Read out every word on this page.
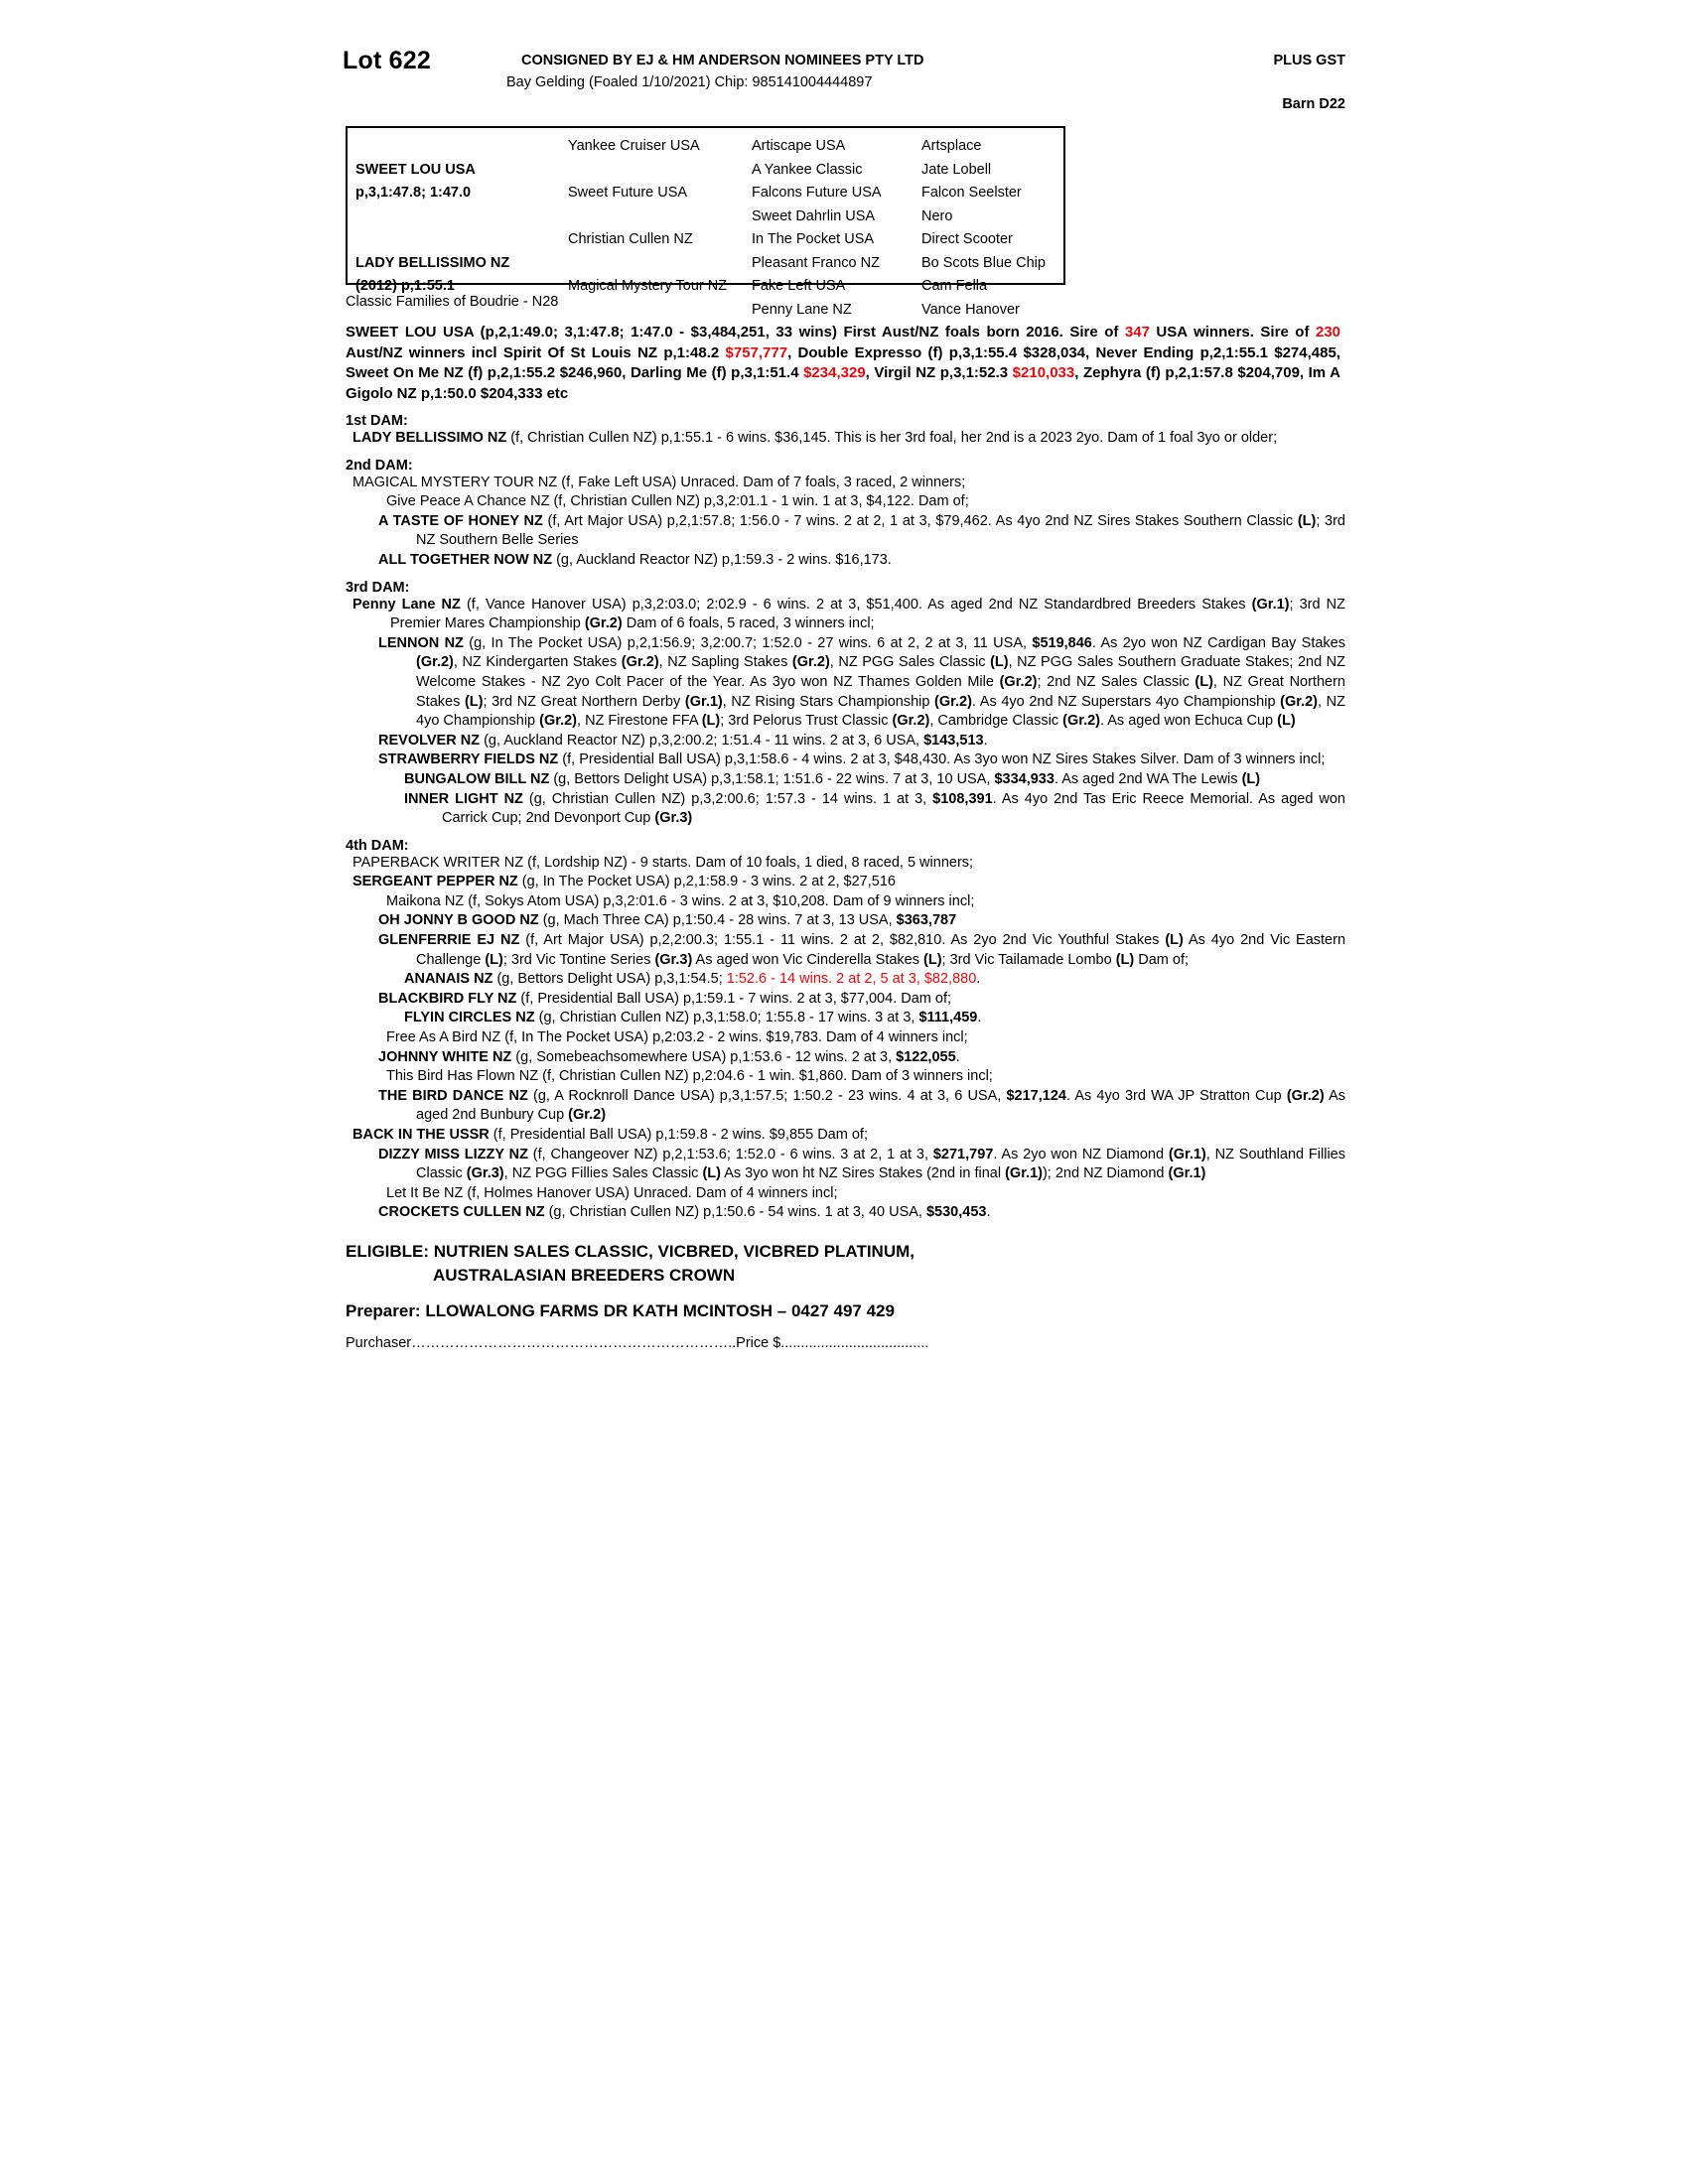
Lot 622	CONSIGNED BY EJ & HM ANDERSON NOMINEES PTY LTD	PLUS GST
Bay Gelding (Foaled 1/10/2021) Chip: 985141004444897
Barn D22
SWEET LOU USA
p,3,1:47.8; 1:47.0
LADY BELLISSIMO NZ
(2012) p,1:55.1
Yankee Cruiser USA
Sweet Future USA
Christian Cullen NZ
Magical Mystery Tour NZ
Artiscape USA
A Yankee Classic
Falcons Future USA
Sweet Dahrlin USA
In The Pocket USA
Pleasant Franco NZ
Fake Left USA
Penny Lane NZ
Artsplace
Jate Lobell
Falcon Seelster
Nero
Direct Scooter
Bo Scots Blue Chip
Cam Fella
Vance Hanover
Classic Families of Boudrie - N28
SWEET LOU USA (p,2,1:49.0; 3,1:47.8; 1:47.0 - $3,484,251, 33 wins) First Aust/NZ foals born 2016. Sire of 347 USA winners. Sire of 230 Aust/NZ winners incl Spirit Of St Louis NZ p,1:48.2 $757,777, Double Expresso (f) p,3,1:55.4 $328,034, Never Ending p,2,1:55.1 $274,485, Sweet On Me NZ (f) p,2,1:55.2 $246,960, Darling Me (f) p,3,1:51.4 $234,329, Virgil NZ p,3,1:52.3 $210,033, Zephyra (f) p,2,1:57.8 $204,709, Im A Gigolo NZ p,1:50.0 $204,333 etc
1st DAM:
LADY BELLISSIMO NZ (f, Christian Cullen NZ) p,1:55.1 - 6 wins. $36,145. This is her 3rd foal, her 2nd is a 2023 2yo. Dam of 1 foal 3yo or older;
2nd DAM:
MAGICAL MYSTERY TOUR NZ (f, Fake Left USA) Unraced. Dam of 7 foals, 3 raced, 2 winners;
Give Peace A Chance NZ (f, Christian Cullen NZ) p,3,2:01.1 - 1 win. 1 at 3, $4,122. Dam of;
A TASTE OF HONEY NZ (f, Art Major USA) p,2,1:57.8; 1:56.0 - 7 wins. 2 at 2, 1 at 3, $79,462. As 4yo 2nd NZ Sires Stakes Southern Classic (L); 3rd NZ Southern Belle Series
ALL TOGETHER NOW NZ (g, Auckland Reactor NZ) p,1:59.3 - 2 wins. $16,173.
3rd DAM:
Penny Lane NZ (f, Vance Hanover USA) p,3,2:03.0; 2:02.9 - 6 wins. 2 at 3, $51,400. As aged 2nd NZ Standardbred Breeders Stakes (Gr.1); 3rd NZ Premier Mares Championship (Gr.2) Dam of 6 foals, 5 raced, 3 winners incl;
LENNON NZ (g, In The Pocket USA) p,2,1:56.9; 3,2:00.7; 1:52.0 - 27 wins. 6 at 2, 2 at 3, 11 USA, $519,846. As 2yo won NZ Cardigan Bay Stakes (Gr.2), NZ Kindergarten Stakes (Gr.2), NZ Sapling Stakes (Gr.2), NZ PGG Sales Classic (L), NZ PGG Sales Southern Graduate Stakes; 2nd NZ Welcome Stakes - NZ 2yo Colt Pacer of the Year. As 3yo won NZ Thames Golden Mile (Gr.2); 2nd NZ Sales Classic (L), NZ Great Northern Stakes (L); 3rd NZ Great Northern Derby (Gr.1), NZ Rising Stars Championship (Gr.2). As 4yo 2nd NZ Superstars 4yo Championship (Gr.2), NZ 4yo Championship (Gr.2), NZ Firestone FFA (L); 3rd Pelorus Trust Classic (Gr.2), Cambridge Classic (Gr.2). As aged won Echuca Cup (L)
REVOLVER NZ (g, Auckland Reactor NZ) p,3,2:00.2; 1:51.4 - 11 wins. 2 at 3, 6 USA, $143,513.
STRAWBERRY FIELDS NZ (f, Presidential Ball USA) p,3,1:58.6 - 4 wins. 2 at 3, $48,430. As 3yo won NZ Sires Stakes Silver. Dam of 3 winners incl;
BUNGALOW BILL NZ (g, Bettors Delight USA) p,3,1:58.1; 1:51.6 - 22 wins. 7 at 3, 10 USA, $334,933. As aged 2nd WA The Lewis (L)
INNER LIGHT NZ (g, Christian Cullen NZ) p,3,2:00.6; 1:57.3 - 14 wins. 1 at 3, $108,391. As 4yo 2nd Tas Eric Reece Memorial. As aged won Carrick Cup; 2nd Devonport Cup (Gr.3)
4th DAM:
PAPERBACK WRITER NZ (f, Lordship NZ) - 9 starts. Dam of 10 foals, 1 died, 8 raced, 5 winners;
SERGEANT PEPPER NZ (g, In The Pocket USA) p,2,1:58.9 - 3 wins. 2 at 2, $27,516
Maikona NZ (f, Sokys Atom USA) p,3,2:01.6 - 3 wins. 2 at 3, $10,208. Dam of 9 winners incl;
OH JONNY B GOOD NZ (g, Mach Three CA) p,1:50.4 - 28 wins. 7 at 3, 13 USA, $363,787
GLENFERRIE EJ NZ (f, Art Major USA) p,2,2:00.3; 1:55.1 - 11 wins. 2 at 2, $82,810. As 2yo 2nd Vic Youthful Stakes (L) As 4yo 2nd Vic Eastern Challenge (L); 3rd Vic Tontine Series (Gr.3) As aged won Vic Cinderella Stakes (L); 3rd Vic Tailamade Lombo (L) Dam of;
ANANAIS NZ (g, Bettors Delight USA) p,3,1:54.5; 1:52.6 - 14 wins. 2 at 2, 5 at 3, $82,880.
BLACKBIRD FLY NZ (f, Presidential Ball USA) p,1:59.1 - 7 wins. 2 at 3, $77,004. Dam of;
FLYIN CIRCLES NZ (g, Christian Cullen NZ) p,3,1:58.0; 1:55.8 - 17 wins. 3 at 3, $111,459.
Free As A Bird NZ (f, In The Pocket USA) p,2:03.2 - 2 wins. $19,783. Dam of 4 winners incl;
JOHNNY WHITE NZ (g, Somebeachsomewhere USA) p,1:53.6 - 12 wins. 2 at 3, $122,055.
This Bird Has Flown NZ (f, Christian Cullen NZ) p,2:04.6 - 1 win. $1,860. Dam of 3 winners incl;
THE BIRD DANCE NZ (g, A Rocknroll Dance USA) p,3,1:57.5; 1:50.2 - 23 wins. 4 at 3, 6 USA, $217,124. As 4yo 3rd WA JP Stratton Cup (Gr.2) As aged 2nd Bunbury Cup (Gr.2)
BACK IN THE USSR (f, Presidential Ball USA) p,1:59.8 - 2 wins. $9,855 Dam of;
DIZZY MISS LIZZY NZ (f, Changeover NZ) p,2,1:53.6; 1:52.0 - 6 wins. 3 at 2, 1 at 3, $271,797. As 2yo won NZ Diamond (Gr.1), NZ Southland Fillies Classic (Gr.3), NZ PGG Fillies Sales Classic (L) As 3yo won ht NZ Sires Stakes (2nd in final (Gr.1)); 2nd NZ Diamond (Gr.1)
Let It Be NZ (f, Holmes Hanover USA) Unraced. Dam of 4 winners incl;
CROCKETS CULLEN NZ (g, Christian Cullen NZ) p,1:50.6 - 54 wins. 1 at 3, 40 USA, $530,453.
ELIGIBLE: NUTRIEN SALES CLASSIC, VICBRED, VICBRED PLATINUM,
AUSTRALASIAN BREEDERS CROWN
Preparer: LLOWALONG FARMS DR KATH MCINTOSH – 0427 497 429
Purchaser…………………………………………………………..Price $.....................................
